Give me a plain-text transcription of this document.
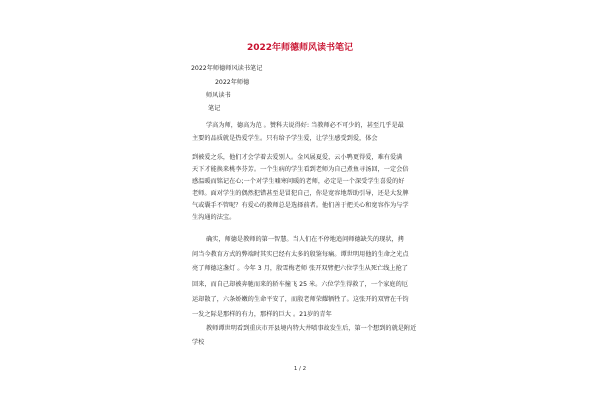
2022年师德师风读书笔记
2022年师德师风读书笔记
2022年师德
师风读书
笔记
学高为师，德高为范 。赞科夫说得好: 当教师必不可少的，甚至几乎是最
主要的品质就是热爱学生。只有给予学生爱，让学生感受到爱，体会
到被爱之乐，他们才会学着去爱别人。金风展夏爱，云小鸭更得爱，难有爱满
天下才能换来桃李芬芳。一个生病的学生看到老师为自己煮鱼寻汤回，一定会倍
感温暖而铭记在心;一个对学生嘘寒问暖的老师，必定是一个深受学生喜爱的好
老师。面对学生的偶然犯错甚至是冒犯自己，你是宽容地帮助引导，还是大发脾
气或囊手不管呢？有爱心的教师总是选择前者。他们善于把关心和宽容作为与学
生沟通的法宝。
确实，师德是教师的第一智慧。当人们在不停地追问师德缺失的现状，拷
问当今教育方式的弊端时其实已经有太多的殷鉴每痛。谭世明用他的生命之光点
亮了师德这盏灯 。今年 3 月，殷雪梅老师 张开双臂把六位学生从死亡线上抢了
回来，而自己却被奔驰而来的轿车撞飞 25 米。六位学生得救了，一个家庭的厄
运却散了，六条娇嫩的生命平安了，而殷老师荣耀牺牲了。这张开的双臂在千钧
一发之际是那样的有力，那样的巨大 。21岁的青年
教师谭世明看到重庆市开县境内特大井喷事故发生后，第一个想到的就是附近
学校
1 / 2
